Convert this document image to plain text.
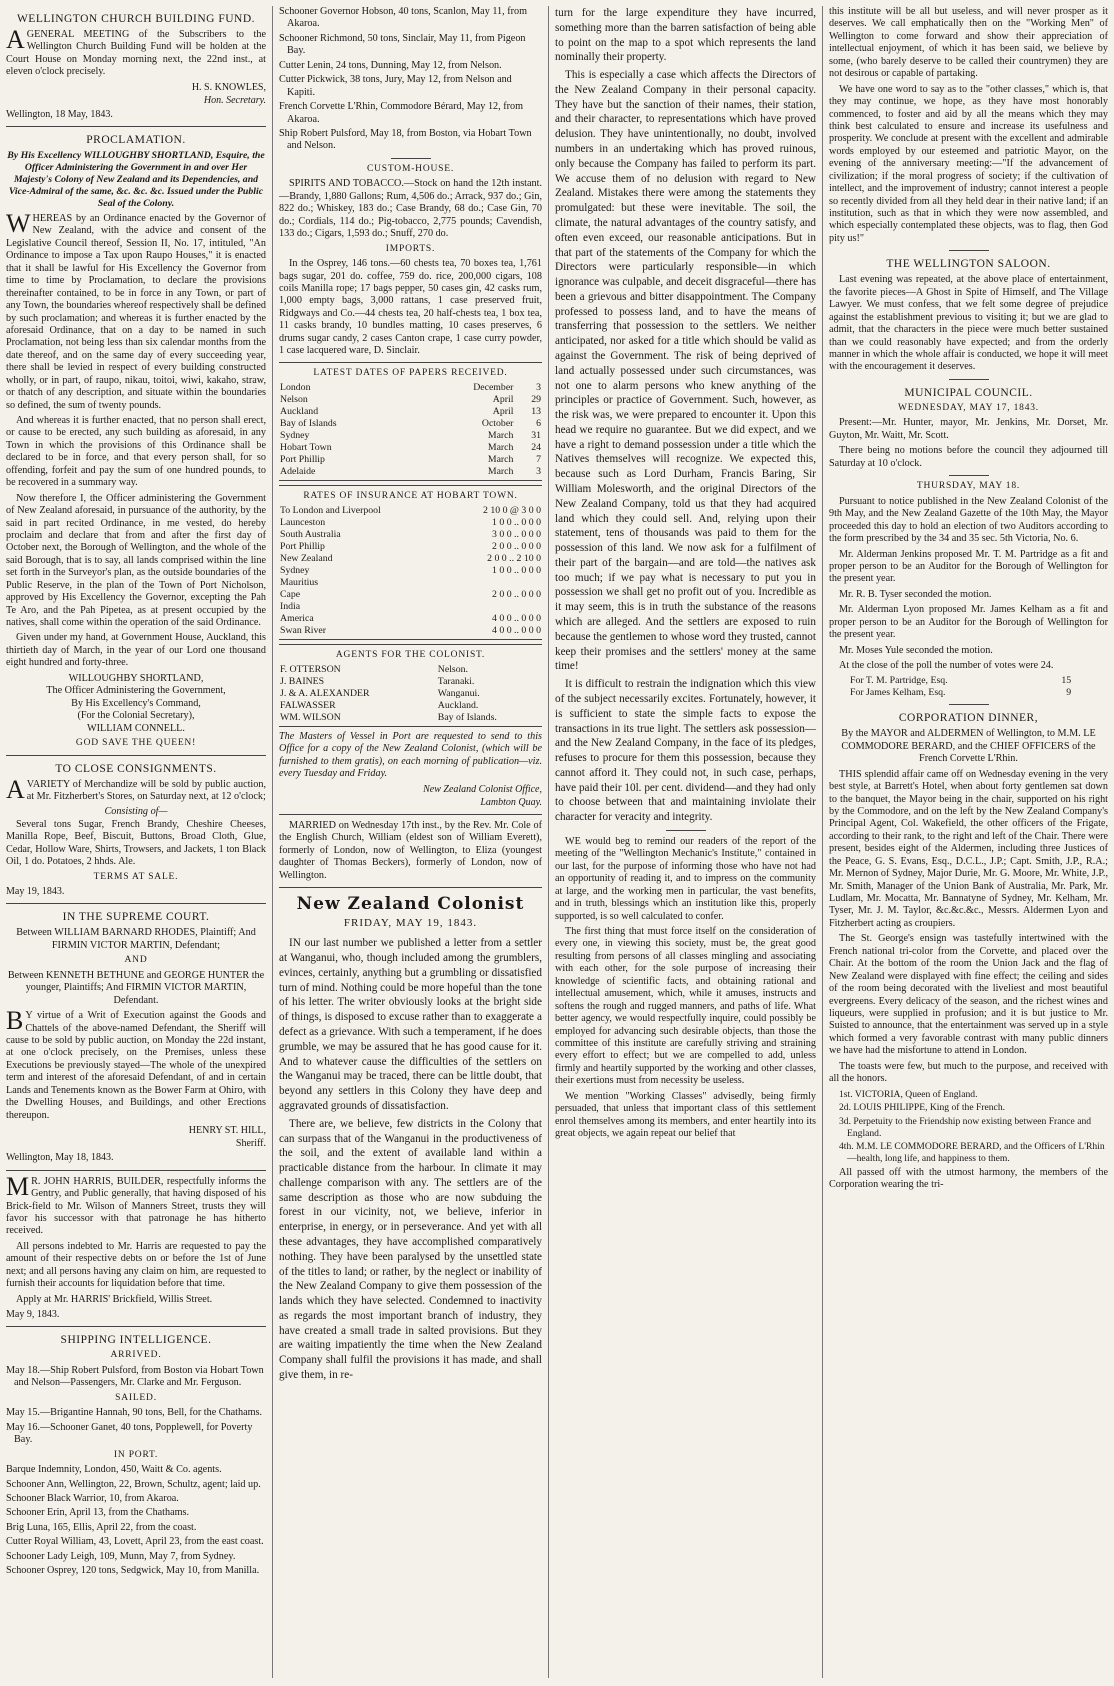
WELLINGTON CHURCH BUILDING FUND.

AGENERAL MEETING of the Subscribers to the Wellington Church Building Fund will be holden at the Court House on Monday morning next, the 22nd inst., at eleven o'clock precisely.

H. S. KNOWLES,
Hon. Secretary.
Wellington, 18 May, 1843.
PROCLAMATION.

By His Excellency WILLOUGHBY SHORTLAND, Esquire, the Officer Administering the Government in and over Her Majesty's Colony of New Zealand and its Dependencies, and Vice-Admiral of the same, &c. &c. &c. Issued under the Public Seal of the Colony.

WHEREAS by an Ordinance enacted by the Governor of New Zealand, with the advice and consent of the Legislative Council thereof, Session II, No. 17, intituled, "An Ordinance to impose a Tax upon Raupo Houses," it is enacted that it shall be lawful for His Excellency the Governor from time to time by Proclamation, to declare the provisions thereinafter contained, to be in force in any Town, or part of any Town, the boundaries whereof respectively shall be defined by such proclamation; and whereas it is further enacted by the aforesaid Ordinance, that on a day to be named in such Proclamation, not being less than six calendar months from the date thereof, and on the same day of every succeeding year, there shall be levied in respect of every building constructed wholly, or in part, of raupo, nikau, toitoi, wiwi, kakaho, straw, or thatch of any description, and situate within the boundaries so defined, the sum of twenty pounds.

And whereas it is further enacted, that no person shall erect, or cause to be erected, any such building as aforesaid, in any Town in which the provisions of this Ordinance shall be declared to be in force, and that every person shall, for so offending, forfeit and pay the sum of one hundred pounds, to be recovered in a summary way.

Now therefore I, the Officer administering the Government of New Zealand aforesaid, in pursuance of the authority, by the said in part recited Ordinance, in me vested, do hereby proclaim and declare that from and after the first day of October next, the Borough of Wellington, and the whole of the said Borough, that is to say, all lands comprised within the line set forth in the Surveyor's plan, as the outside boundaries of the Public Reserve, in the plan of the Town of Port Nicholson, approved by His Excellency the Governor, excepting the Pah Te Aro, and the Pah Pipetea, as at present occupied by the natives, shall come within the operation of the said Ordinance.

Given under my hand, at Government House, Auckland, this thirtieth day of March, in the year of our Lord one thousand eight hundred and forty-three.

WILLOUGHBY SHORTLAND,
The Officer Administering the Government,
By His Excellency's Command,
(For the Colonial Secretary),
WILLIAM CONNELL.
GOD SAVE THE QUEEN!
TO CLOSE CONSIGNMENTS.

AVARIETY of Merchandize will be sold by public auction, at Mr. Fitzherbert's Stores, on Saturday next, at 12 o'clock;

Consisting of—

Several tons Sugar, French Brandy, Cheshire Cheeses, Manilla Rope, Beef, Biscuit, Buttons, Broad Cloth, Glue, Cedar, Hollow Ware, Shirts, Trowsers, and Jackets, 1 ton Black Oil, 1 do. Potatoes, 2 hhds. Ale.

TERMS AT SALE.
May 19, 1843.
IN THE SUPREME COURT.

Between WILLIAM BARNARD RHODES, Plaintiff; And FIRMIN VICTOR MARTIN, Defendant;

AND

Between KENNETH BETHUNE and GEORGE HUNTER the younger, Plaintiffs; And FIRMIN VICTOR MARTIN, Defendant.

BY virtue of a Writ of Execution against the Goods and Chattels of the above-named Defendant, the Sheriff will cause to be sold by public auction, on Monday the 22d instant, at one o'clock precisely, on the Premises, unless these Executions be previously stayed—The whole of the unexpired term and interest of the aforesaid Defendant, of and in certain Lands and Tenements known as the Bower Farm at Ohiro, with the Dwelling Houses, and Buildings, and other Erections thereupon.

HENRY ST. HILL,
Sheriff.
Wellington, May 18, 1843.

MR. JOHN HARRIS, BUILDER, respectfully informs the Gentry, and Public generally, that having disposed of his Brick-field to Mr. Wilson of Manners Street, trusts they will favor his successor with that patronage he has hitherto received.

All persons indebted to Mr. Harris are requested to pay the amount of their respective debts on or before the 1st of June next; and all persons having any claim on him, are requested to furnish their accounts for liquidation before that time.

Apply at Mr. HARRIS' Brickfield, Willis Street.

May 9, 1843.
SHIPPING INTELLIGENCE.
ARRIVED.
May 18.—Ship Robert Pulsford, from Boston via Hobart Town and Nelson—Passengers, Mr. Clarke and Mr. Ferguson.
SAILED.
May 15.—Brigantine Hannah, 90 tons, Bell, for the Chathams.
May 16.—Schooner Ganet, 40 tons, Popplewell, for Poverty Bay.
IN PORT.
Barque Indemnity, London, 450, Waitt & Co. agents.
Schooner Ann, Wellington, 22, Brown, Schultz, agent; laid up.
Schooner Black Warrior, 10, from Akaroa.
Schooner Erin, April 13, from the Chathams.
Brig Luna, 165, Ellis, April 22, from the coast.
Cutter Royal William, 43, Lovett, April 23, from the east coast.
Schooner Lady Leigh, 109, Munn, May 7, from Sydney.
Schooner Osprey, 120 tons, Sedgwick, May 10, from Manilla.
Schooner Governor Hobson, 40 tons, Scanlon, May 11, from Akaroa.
Schooner Richmond, 50 tons, Sinclair, May 11, from Pigeon Bay.
Cutter Lenin, 24 tons, Dunning, May 12, from Nelson.
Cutter Pickwick, 38 tons, Jury, May 12, from Nelson and Kapiti.
French Corvette L'Rhin, Commodore Bérard, May 12, from Akaroa.
Ship Robert Pulsford, May 18, from Boston, via Hobart Town and Nelson.
CUSTOM-HOUSE.

SPIRITS AND TOBACCO.—Stock on hand the 12th instant.—Brandy, 1,880 Gallons; Rum, 4,506 do.; Arrack, 937 do.; Gin, 822 do.; Whiskey, 183 do.; Case Brandy, 68 do.; Case Gin, 70 do.; Cordials, 114 do.; Pig-tobacco, 2,775 pounds; Cavendish, 133 do.; Cigars, 1,593 do.; Snuff, 270 do.

IMPORTS.

In the Osprey, 146 tons.—60 chests tea, 70 boxes tea, 1,761 bags sugar, 201 do. coffee, 759 do. rice, 200,000 cigars, 108 coils Manilla rope; 17 bags pepper, 50 cases gin, 42 casks rum, 1,000 empty bags, 3,000 rattans, 1 case preserved fruit, Ridgways and Co.—44 chests tea, 20 half-chests tea, 1 box tea, 11 casks brandy, 10 bundles matting, 10 cases preserves, 6 drums sugar candy, 2 cases Canton crape, 1 case curry powder, 1 case lacquered ware, D. Sinclair.

LATEST DATES OF PAPERS RECEIVED.
London	December	3
Nelson	April	29
Auckland	April	13
Bay of Islands	October	6
Sydney	March	31
Hobart Town	March	24
Port Phillip	March	7
Adelaide	March	3
RATES OF INSURANCE AT HOBART TOWN.
To London and Liverpool	2 10 0 @ 3 0 0
Launceston	1 0 0 .. 0 0 0
South Australia	3 0 0 .. 0 0 0
Port Phillip	2 0 0 .. 0 0 0
New Zealand	2 0 0 .. 2 10 0
Sydney	1 0 0 .. 0 0 0
Mauritius	
Cape	2 0 0 .. 0 0 0
India	
America	4 0 0 .. 0 0 0
Swan River	4 0 0 .. 0 0 0
AGENTS FOR THE COLONIST.
F. OTTERSON	Nelson.
J. BAINES	Taranaki.
J. & A. ALEXANDER	Wanganui.
FALWASSER	Auckland.
WM. WILSON	Bay of Islands.

The Masters of Vessel in Port are requested to send to this Office for a copy of the New Zealand Colonist, (which will be furnished to them gratis), on each morning of publication—viz. every Tuesday and Friday.

New Zealand Colonist Office,
Lambton Quay.

MARRIED on Wednesday 17th inst., by the Rev. Mr. Cole of the English Church, William (eldest son of William Everett), formerly of London, now of Wellington, to Eliza (youngest daughter of Thomas Beckers), formerly of London, now of Wellington.

New Zealand Colonist
FRIDAY, MAY 19, 1843.

IN our last number we published a letter from a settler at Wanganui, who, though included among the grumblers, evinces, certainly, anything but a grumbling or dissatisfied turn of mind. Nothing could be more hopeful than the tone of his letter. The writer obviously looks at the bright side of things, is disposed to excuse rather than to exaggerate a defect as a grievance. With such a temperament, if he does grumble, we may be assured that he has good cause for it. And to whatever cause the difficulties of the settlers on the Wanganui may be traced, there can be little doubt, that beyond any settlers in this Colony they have deep and aggravated grounds of dissatisfaction.

There are, we believe, few districts in the Colony that can surpass that of the Wanganui in the productiveness of the soil, and the extent of available land within a practicable distance from the harbour. In climate it may challenge comparison with any. The settlers are of the same description as those who are now subduing the forest in our vicinity, not, we believe, inferior in enterprise, in energy, or in perseverance. And yet with all these advantages, they have accomplished comparatively nothing. They have been paralysed by the unsettled state of the titles to land; or rather, by the neglect or inability of the New Zealand Company to give them possession of the lands which they have selected. Condemned to inactivity as regards the most important branch of industry, they have created a small trade in salted provisions. But they are waiting impatiently the time when the New Zealand Company shall fulfil the provisions it has made, and shall give them, in re-

turn for the large expenditure they have incurred, something more than the barren satisfaction of being able to point on the map to a spot which represents the land nominally their property.

This is especially a case which affects the Directors of the New Zealand Company in their personal capacity. They have but the sanction of their names, their station, and their character, to representations which have proved delusion. They have unintentionally, no doubt, involved numbers in an undertaking which has proved ruinous, only because the Company has failed to perform its part. We accuse them of no delusion with regard to New Zealand. Mistakes there were among the statements they promulgated: but these were inevitable. The soil, the climate, the natural advantages of the country satisfy, and often even exceed, our reasonable anticipations. But in that part of the statements of the Company for which the Directors were particularly responsible—in which ignorance was culpable, and deceit disgraceful—there has been a grievous and bitter disappointment. The Company professed to possess land, and to have the means of transferring that possession to the settlers. We neither anticipated, nor asked for a title which should be valid as against the Government. The risk of being deprived of land actually possessed under such circumstances, was not one to alarm persons who knew anything of the principles or practice of Government. Such, however, as the risk was, we were prepared to encounter it. Upon this head we require no guarantee. But we did expect, and we have a right to demand possession under a title which the Natives themselves will recognize. We expected this, because such as Lord Durham, Francis Baring, Sir William Molesworth, and the original Directors of the New Zealand Company, told us that they had acquired land which they could sell. And, relying upon their statement, tens of thousands was paid to them for the possession of this land. We now ask for a fulfilment of their part of the bargain—and are told—the natives ask too much; if we pay what is necessary to put you in possession we shall get no profit out of you. Incredible as it may seem, this is in truth the substance of the reasons which are alleged. And the settlers are exposed to ruin because the gentlemen to whose word they trusted, cannot keep their promises and the settlers' money at the same time!

It is difficult to restrain the indignation which this view of the subject necessarily excites. Fortunately, however, it is sufficient to state the simple facts to expose the transactions in its true light. The settlers ask possession—and the New Zealand Company, in the face of its pledges, refuses to procure for them this possession, because they cannot afford it. They could not, in such case, perhaps, have paid their 10l. per cent. dividend—and they had only to choose between that and maintaining inviolate their character for veracity and integrity.

WE would beg to remind our readers of the report of the meeting of the "Wellington Mechanic's Institute," contained in our last, for the purpose of informing those who have not had an opportunity of reading it, and to impress on the community at large, and the working men in particular, the vast benefits, and in truth, blessings which an institution like this, properly supported, is so well calculated to confer.

The first thing that must force itself on the consideration of every one, in viewing this society, must be, the great good resulting from persons of all classes mingling and associating with each other, for the sole purpose of increasing their knowledge of scientific facts, and obtaining rational and intellectual amusement, which, while it amuses, instructs and softens the rough and rugged manners, and paths of life. What better agency, we would respectfully inquire, could possibly be employed for advancing such desirable objects, than those the committee of this institute are carefully striving and straining every effort to effect; but we are compelled to add, unless firmly and heartily supported by the working and other classes, their exertions must from necessity be useless.

We mention "Working Classes" advisedly, being firmly persuaded, that unless that important class of this settlement enrol themselves among its members, and enter heartily into its great objects, we again repeat our belief that

this institute will be all but useless, and will never prosper as it deserves. We call emphatically then on the "Working Men" of Wellington to come forward and show their appreciation of intellectual enjoyment, of which it has been said, we believe by some, (who barely deserve to be called their countrymen) they are not desirous or capable of partaking.

We have one word to say as to the "other classes," which is, that they may continue, we hope, as they have most honorably commenced, to foster and aid by all the means which they may think best calculated to ensure and increase its usefulness and prosperity. We conclude at present with the excellent and admirable words employed by our esteemed and patriotic Mayor, on the evening of the anniversary meeting:—"If the advancement of civilization; if the moral progress of society; if the cultivation of intellect, and the improvement of industry; cannot interest a people so recently divided from all they held dear in their native land; if an institution, such as that in which they were now assembled, and which especially contemplated these objects, was to flag, then God pity us!"

THE WELLINGTON SALOON.

Last evening was repeated, at the above place of entertainment, the favorite pieces—A Ghost in Spite of Himself, and The Village Lawyer. We must confess, that we felt some degree of prejudice against the establishment previous to visiting it; but we are glad to admit, that the characters in the piece were much better sustained than we could reasonably have expected; and from the orderly manner in which the whole affair is conducted, we hope it will meet with the encouragement it deserves.

MUNICIPAL COUNCIL.
WEDNESDAY, MAY 17, 1843.

Present:—Mr. Hunter, mayor, Mr. Jenkins, Mr. Dorset, Mr. Guyton, Mr. Waitt, Mr. Scott.

There being no motions before the council they adjourned till Saturday at 10 o'clock.

THURSDAY, MAY 18.

Pursuant to notice published in the New Zealand Colonist of the 9th May, and the New Zealand Gazette of the 10th May, the Mayor proceeded this day to hold an election of two Auditors according to the form prescribed by the 34 and 35 sec. 5th Victoria, No. 6.

Mr. Alderman Jenkins proposed Mr. T. M. Partridge as a fit and proper person to be an Auditor for the Borough of Wellington for the present year.

Mr. R. B. Tyser seconded the motion.

Mr. Alderman Lyon proposed Mr. James Kelham as a fit and proper person to be an Auditor for the Borough of Wellington for the present year.

Mr. Moses Yule seconded the motion.

At the close of the poll the number of votes were 24.

For T. M. Partridge, Esq.	15
For James Kelham, Esq.	9
CORPORATION DINNER,

By the MAYOR and ALDERMEN of Wellington, to M.M. LE COMMODORE BERARD, and the CHIEF OFFICERS of the French Corvette L'Rhin.

THIS splendid affair came off on Wednesday evening in the very best style, at Barrett's Hotel, when about forty gentlemen sat down to the banquet, the Mayor being in the chair, supported on his right by the Commodore, and on the left by the New Zealand Company's Principal Agent, Col. Wakefield, the other officers of the Frigate, according to their rank, to the right and left of the Chair. There were present, besides eight of the Aldermen, including three Justices of the Peace, G. S. Evans, Esq., D.C.L., J.P.; Capt. Smith, J.P., R.A.; Mr. Mernon of Sydney, Major Durie, Mr. G. Moore, Mr. White, J.P., Mr. Smith, Manager of the Union Bank of Australia, Mr. Park, Mr. Ludlam, Mr. Mocatta, Mr. Bannatyne of Sydney, Mr. Kelham, Mr. Tyser, Mr. J. M. Taylor, &c.&c.&c., Messrs. Aldermen Lyon and Fitzherbert acting as croupiers.

The St. George's ensign was tastefully intertwined with the French national tri-color from the Corvette, and placed over the Chair. At the bottom of the room the Union Jack and the flag of New Zealand were displayed with fine effect; the ceiling and sides of the room being decorated with the liveliest and most beautiful evergreens. Every delicacy of the season, and the richest wines and liqueurs, were supplied in profusion; and it is but justice to Mr. Suisted to announce, that the entertainment was served up in a style which formed a very favorable contrast with many public dinners we have had the misfortune to attend in London.

The toasts were few, but much to the purpose, and received with all the honors.

1st. VICTORIA, Queen of England.
2d. LOUIS PHILIPPE, King of the French.
3d. Perpetuity to the Friendship now existing between France and England.
4th. M.M. LE COMMODORE BERARD, and the Officers of L'Rhin—health, long life, and happiness to them.

All passed off with the utmost harmony, the members of the Corporation wearing the tri-
